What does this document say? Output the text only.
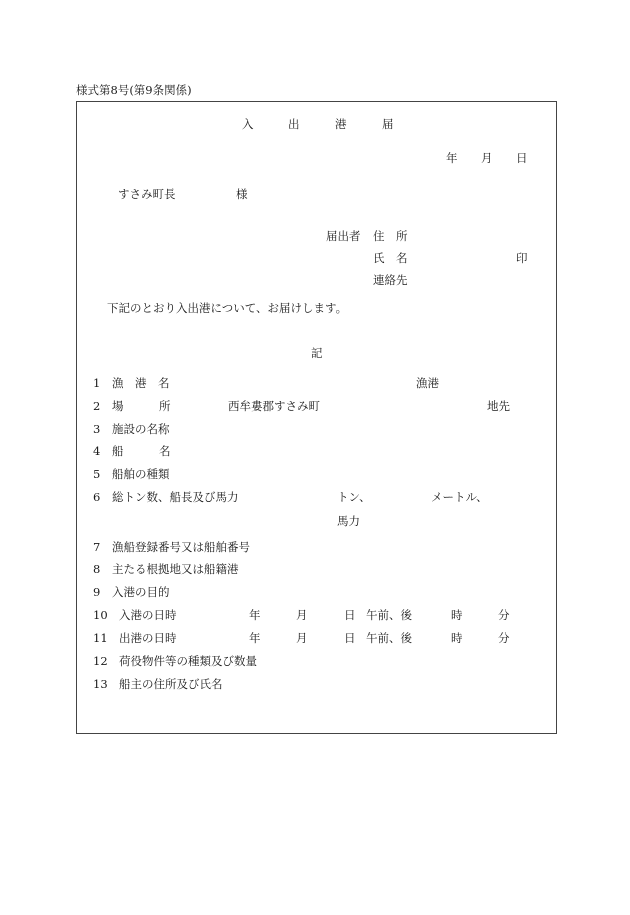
様式第8号(第9条関係)
入	出	港	届
年 月 日
すさみ町長	様
届出者 住　所
氏　名	印
連絡先
下記のとおり入出港について、お届けします。
記
1 漁　港　名	漁港
2 場	所	西牟婁郡すさみ町	地先
3 施設の名称
4 船	名
5 船舶の種類
6 総トン数、船長及び馬力	トン、	メートル、
馬力
7 漁船登録番号又は船舶番号
8 主たる根拠地又は船籍港
9 入港の目的
10 入港の日時	年	月	日 午前、後	時	分
11 出港の日時	年	月	日 午前、後	時	分
12 荷役物件等の種類及び数量
13 船主の住所及び氏名
